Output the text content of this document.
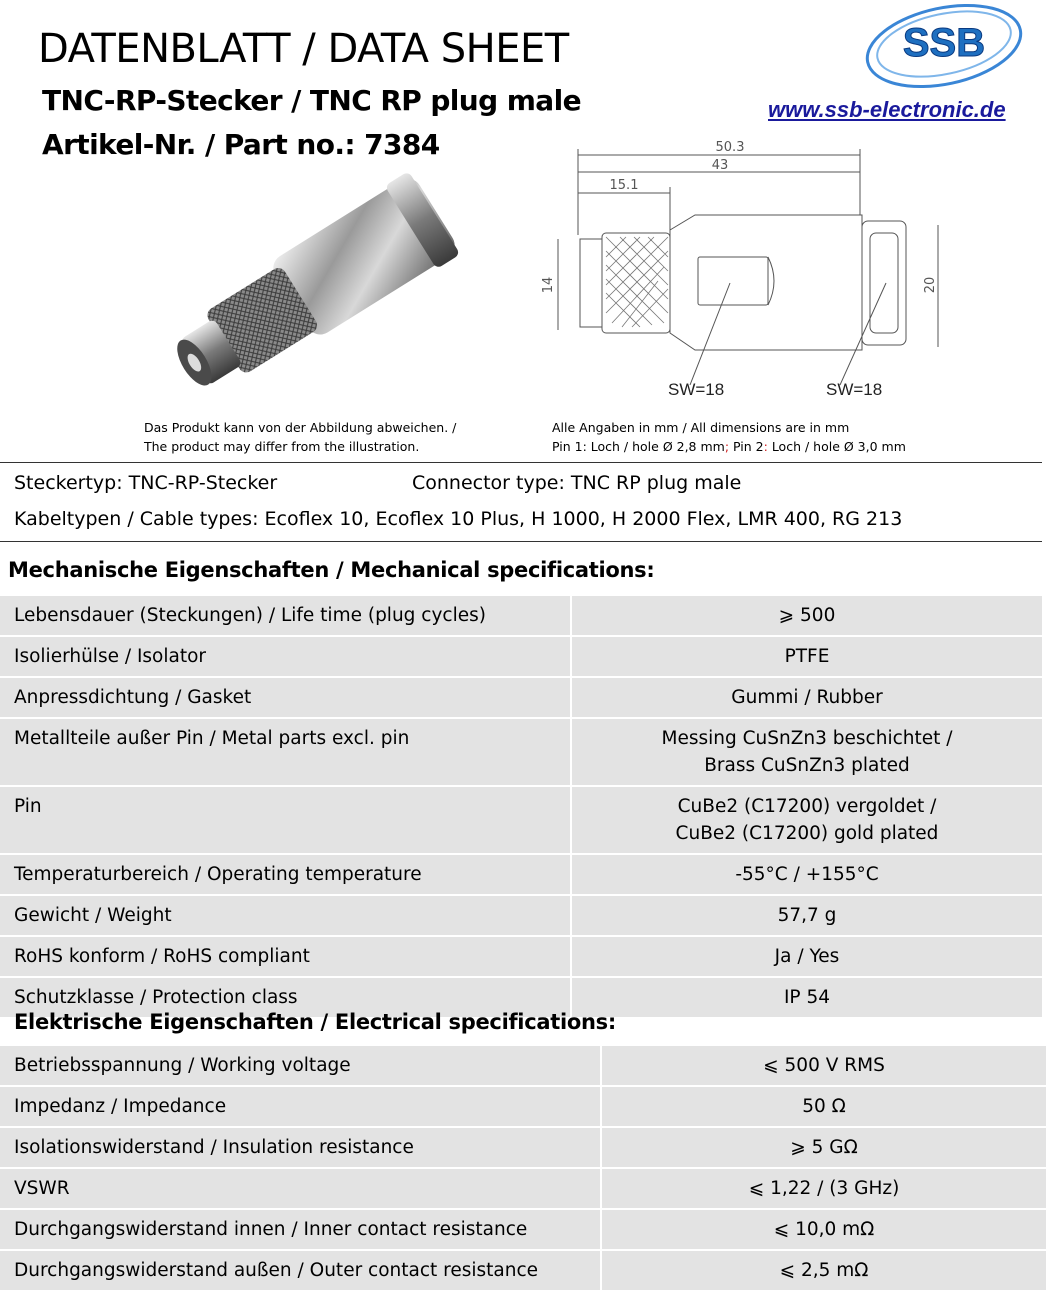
DATENBLATT / DATA SHEET
TNC-RP-Stecker / TNC RP plug male
Artikel-Nr. / Part no.: 7384
www.ssb-electronic.de
SSB
50.3
43
15.1
14	20
SW=18	SW=18
Das Produkt kann von der Abbildung abweichen. /
The product may differ from the illustration.
Alle Angaben in mm / All dimensions are in mm
Pin 1: Loch / hole Ø 2,8 mm; Pin 2: Loch / hole Ø 3,0 mm
Steckertyp: TNC-RP-Stecker	Connector type: TNC RP plug male
Kabeltypen / Cable types: Ecoflex 10, Ecoflex 10 Plus, H 1000, H 2000 Flex, LMR 400, RG 213
Mechanische Eigenschaften / Mechanical specifications:
Lebensdauer (Steckungen) / Life time (plug cycles)	⩾ 500
Isolierhülse / Isolator	PTFE
Anpressdichtung / Gasket	Gummi / Rubber
Metallteile außer Pin / Metal parts excl. pin	Messing CuSnZn3 beschichtet /
Brass CuSnZn3 plated

Pin	CuBe2 (C17200) vergoldet /
CuBe2 (C17200) gold plated

Temperaturbereich / Operating temperature	-55°C / +155°C
Gewicht / Weight	57,7 g
RoHS konform / RoHS compliant	Ja / Yes
Schutzklasse / Protection class	IP 54
Elektrische Eigenschaften / Electrical specifications:
Betriebsspannung / Working voltage	⩽ 500 V RMS
Impedanz / Impedance	50 Ω
Isolationswiderstand / Insulation resistance	⩾ 5 GΩ
VSWR	⩽ 1,22 / (3 GHz)
Durchgangswiderstand innen / Inner contact resistance	⩽ 10,0 mΩ
Durchgangswiderstand außen / Outer contact resistance	⩽ 2,5 mΩ
